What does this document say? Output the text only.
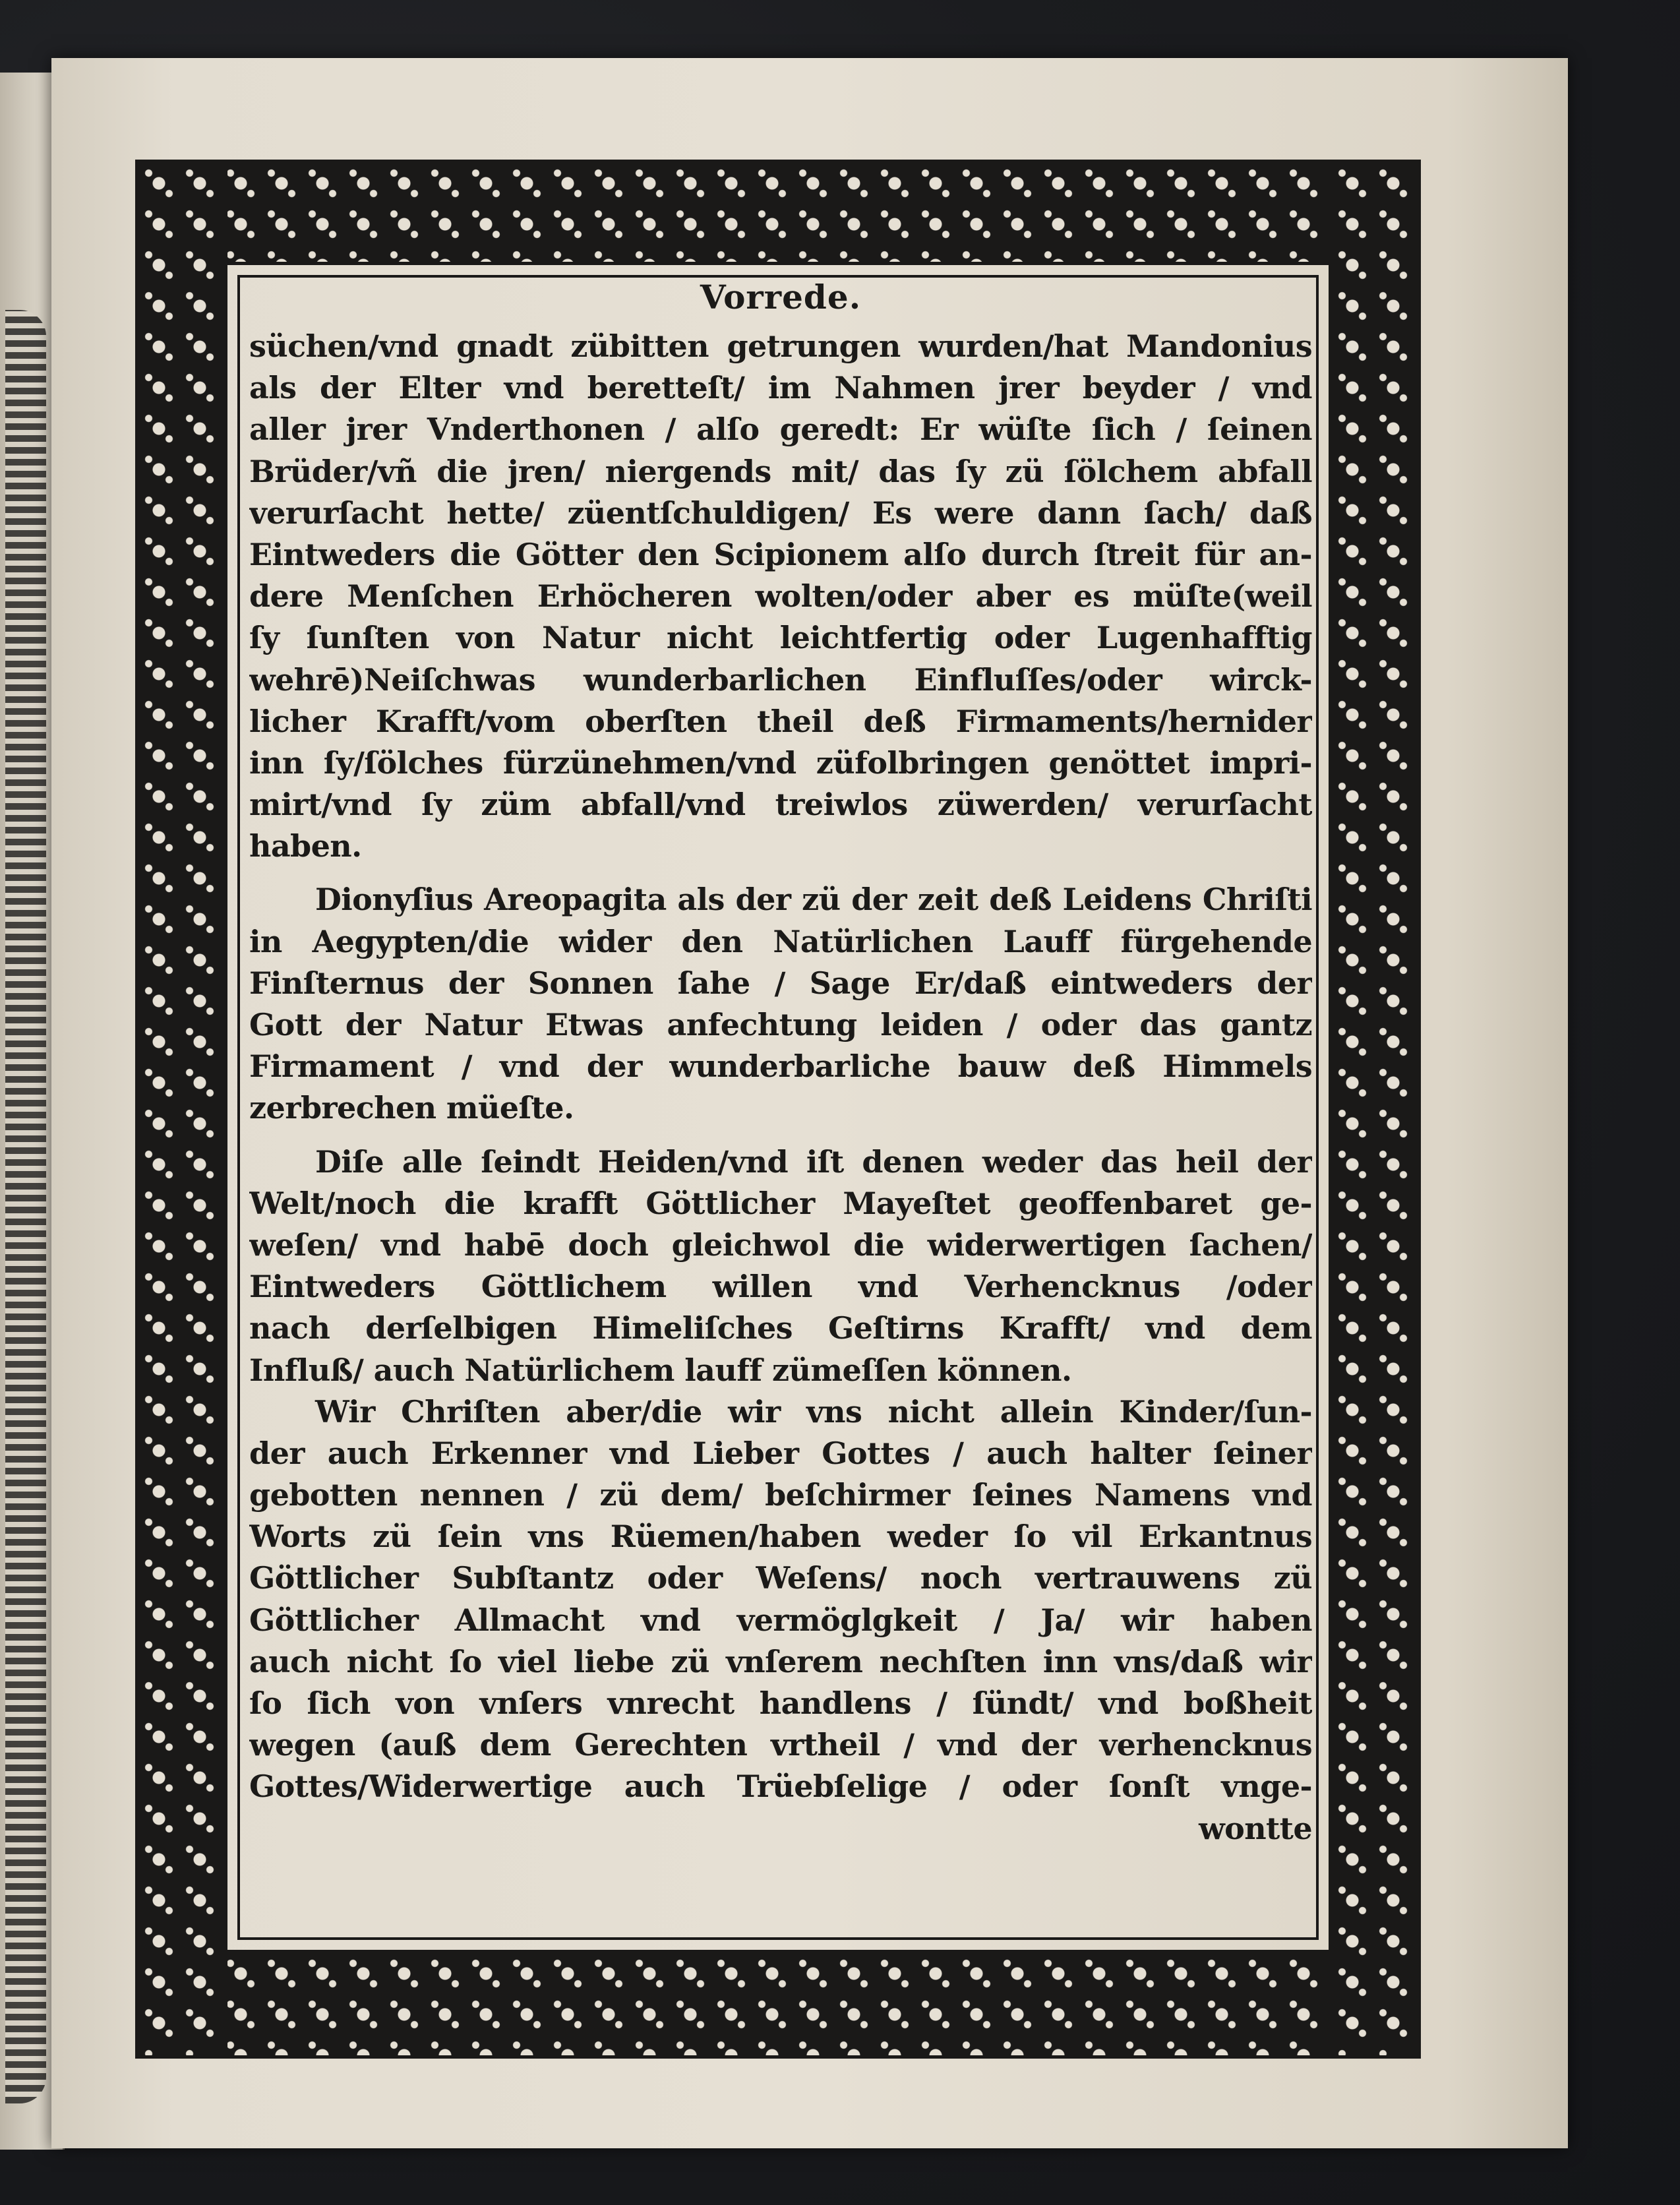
Vorrede.
süchen/vnd gnadt zübitten getrungen wurden/hat Mandonius
als der Elter vnd beretteſt/ im Nahmen jrer beyder / vnd
aller jrer Vnderthonen / alſo geredt: Er wüſte ſich / ſeinen
Brüder/vñ die jren/ niergends mit/ das ſy zü ſölchem abfall
verurſacht hette/ züentſchuldigen/ Es were dann ſach/ daß
Eintweders die Götter den Scipionem alſo durch ſtreit für an-
dere Menſchen Erhöcheren wolten/oder aber es müſte(weil
ſy ſunſten von Natur nicht leichtfertig oder Lugenhafftig
wehrē)Neiſchwas wunderbarlichen Einfluſſes/oder wirck-
licher Krafft/vom oberſten theil deß Firmaments/hernider
inn ſy/ſölches fürzünehmen/vnd züfolbringen genöttet impri-
mirt/vnd ſy züm abfall/vnd treiwlos züwerden/ verurſacht
haben.
Dionyſius Areopagita als der zü der zeit deß Leidens Chriſti
in Aegypten/die wider den Natürlichen Lauff fürgehende
Finſternus der Sonnen ſahe / Sage Er/daß eintweders der
Gott der Natur Etwas anfechtung leiden / oder das gantz
Firmament / vnd der wunderbarliche bauw deß Himmels
zerbrechen müeſte.
Diſe alle ſeindt Heiden/vnd iſt denen weder das heil der
Welt/noch die krafft Göttlicher Mayeſtet geoffenbaret ge-
weſen/ vnd habē doch gleichwol die widerwertigen ſachen/
Eintweders Göttlichem willen vnd Verhencknus /oder
nach derſelbigen Himeliſches Geſtirns Krafft/ vnd dem
Influß/ auch Natürlichem lauff zümeſſen können.
Wir Chriſten aber/die wir vns nicht allein Kinder/ſun-
der auch Erkenner vnd Lieber Gottes / auch halter ſeiner
gebotten nennen / zü dem/ beſchirmer ſeines Namens vnd
Worts zü ſein vns Rüemen/haben weder ſo vil Erkantnus
Göttlicher Subſtantz oder Weſens/ noch vertrauwens zü
Göttlicher Allmacht vnd vermöglgkeit / Ja/ wir haben
auch nicht ſo viel liebe zü vnſerem nechſten inn vns/daß wir
ſo ſich von vnſers vnrecht handlens / ſündt/ vnd boßheit
wegen (auß dem Gerechten vrtheil / vnd der verhencknus
Gottes/Widerwertige auch Trüebſelige / oder ſonſt vnge-
wontte
